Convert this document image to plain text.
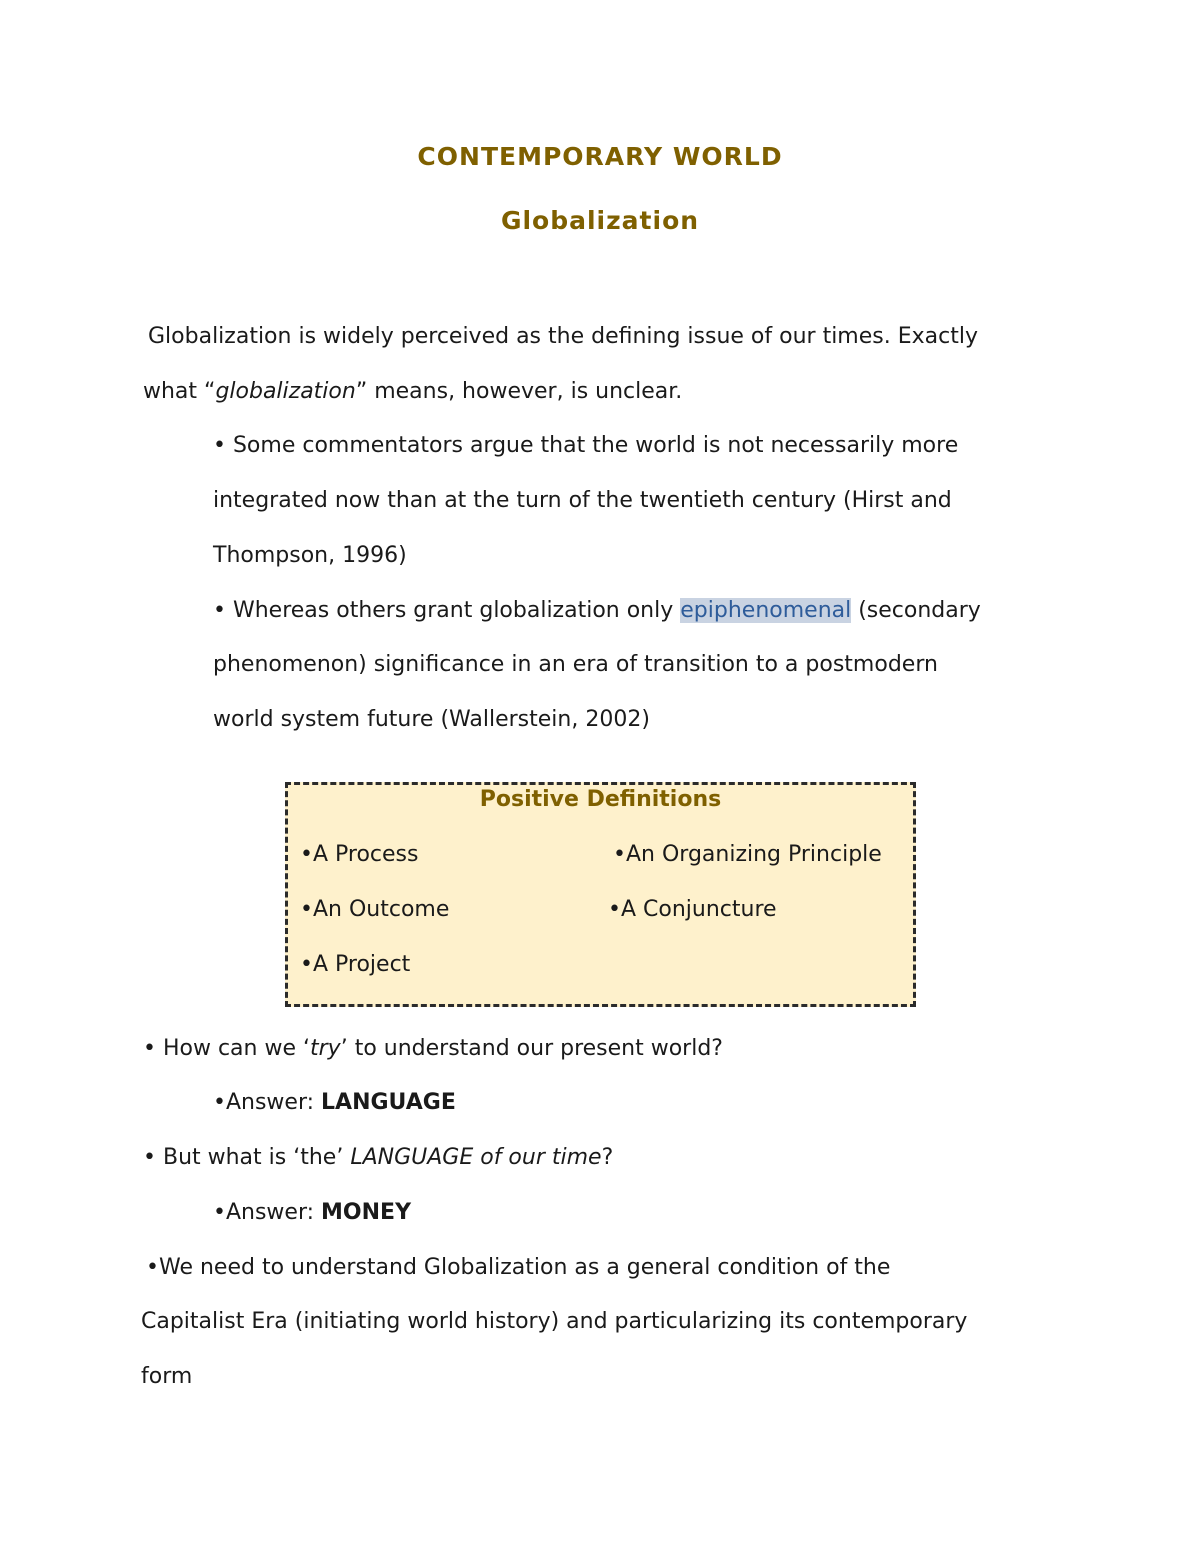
CONTEMPORARY WORLD
Globalization
Globalization is widely perceived as the defining issue of our times. Exactly
what “globalization” means, however, is unclear.
• Some commentators argue that the world is not necessarily more
integrated now than at the turn of the twentieth century (Hirst and
Thompson, 1996)
• Whereas others grant globalization only epiphenomenal (secondary
phenomenon) significance in an era of transition to a postmodern
world system future (Wallerstein, 2002)
Positive Definitions
•A Process	•An Organizing Principle
•An Outcome	•A Conjuncture
•A Project
• How can we ‘try’ to understand our present world?
•Answer: LANGUAGE
• But what is ‘the’ LANGUAGE of our time?
•Answer: MONEY
•We need to understand Globalization as a general condition of the
Capitalist Era (initiating world history) and particularizing its contemporary
form
